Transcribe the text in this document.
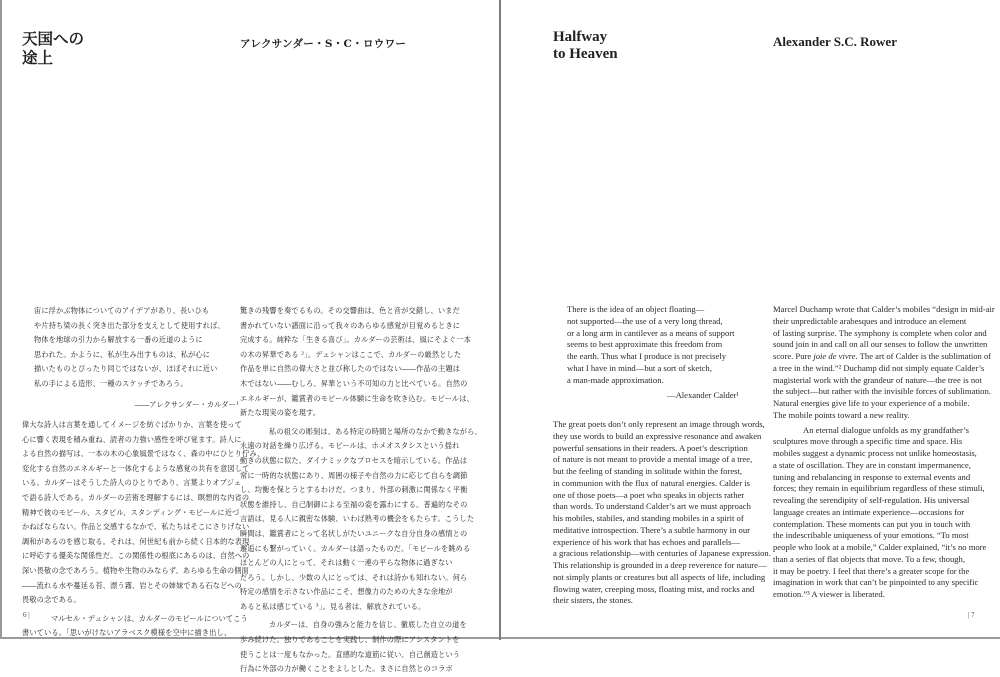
天国への
途上
アレクサンダー・S・C・ロウワー
宙に浮かぶ物体についてのアイデアがあり、長いひも
や片持ち梁の長く突き出た部分を支えとして使用すれば、
物体を地球の引力から解放する一番の近道のように
思われた。かように、私が生み出すものは、私が心に
描いたものとぴったり同じではないが、ほぼそれに近い
私の手による造形、一種のスケッチであろう。
――アレクサンダー・カルダー¹
偉大な詩人は言葉を通してイメージを紡ぐばかりか、言葉を使って
心に響く表現を積み重ね、読者の力強い感性を呼び覚ます。詩人に
よる自然の描写は、一本の木の心象風景ではなく、森の中にひとり佇み、
変化する自然のエネルギーと一体化するような感覚の共有を意図して
いる。カルダーはそうした詩人のひとりであり、言葉よりオブジェ
で語る詩人である。カルダーの芸術を理解するには、瞑想的な内省の
精神で彼のモビール、スタビル、スタンディング・モビールに近づ
かねばならない。作品と交感するなかで、私たちはそこにさりげない
調和があるのを感じ取る。それは、何世紀も前から続く日本的な表現
に呼応する優美な関係性だ。この関係性の根底にあるのは、自然への
深い畏敬の念であろう。植物や生物のみならず、あらゆる生命の側面
――流れる水や蔓延る苔、漂う霧、岩とその姉妹である石などへの
畏敬の念である。
マルセル・デュシャンは、カルダーのモビールについてこう
書いている。「思いがけないアラベスク模様を空中に描き出し、
驚きの残響を奏でるもの。その交響曲は、色と音が交錯し、いまだ
書かれていない譜面に沿って我々のあらゆる感覚が目覚めるときに
完成する。純粋な「生きる喜び」。カルダーの芸術は、風にそよぐ一本
の木の昇華である ²」。デュシャンはここで、カルダーの厳然とした
作品を単に自然の偉大さと並び称したのではない――作品の主題は
木ではない――むしろ、昇華という不可知の力と比べている。自然の
エネルギーが、鑑賞者のモビール体験に生命を吹き込む。モビールは、
新たな現実の姿を現す。
私の祖父の彫刻は、ある特定の時間と場所のなかで動きながら、
永遠の対話を繰り広げる。モビールは、ホメオスタシスという揺れ
動きの状態に似た、ダイナミックなプロセスを暗示している。作品は
常に一時的な状態にあり、周囲の様子や自然の力に応じて自らを調節
し、均衡を保とうとするわけだ。つまり、外部の刺激に関係なく平衡
状態を維持し、自己制御による至福の姿を露わにする。普遍的なその
言語は、見る人に親密な体験、いわば熟考の機会をもたらす。こうした
瞬間は、鑑賞者にとって名状しがたいユニークな自分自身の感情との
邂逅にも繋がっていく。カルダーは語ったものだ。「モビールを眺める
ほとんどの人にとって、それは動く一連の平らな物体に過ぎない
だろう。しかし、少数の人にとっては、それは詩かも知れない。何ら
特定の感情を示さない作品にこそ、想像力のための大きな余地が
あると私は感じている ³」。見る者は、解放されている。
カルダーは、自身の強みと能力を信じ、徹底した自立の道を
歩み続けた。独りであることを実践し、制作の際にアシスタントを
使うことは一度もなかった。直感的な道筋に従い、自己創造という
行為に外部の力が働くことをよしとした。まさに自然とのコラボ
6 |
Halfway
to Heaven
Alexander S.C. Rower
There is the idea of an object floating—
not supported—the use of a very long thread,
or a long arm in cantilever as a means of support
seems to best approximate this freedom from
the earth. Thus what I produce is not precisely
what I have in mind—but a sort of sketch,
a man-made approximation.
—Alexander Calder¹
The great poets don’t only represent an image through words,
they use words to build an expressive resonance and awaken
powerful sensations in their readers. A poet’s description
of nature is not meant to provide a mental image of a tree,
but the feeling of standing in solitude within the forest,
in communion with the flux of natural energies. Calder is
one of those poets—a poet who speaks in objects rather
than words. To understand Calder’s art we must approach
his mobiles, stabiles, and standing mobiles in a spirit of
meditative introspection. There’s a subtle harmony in our
experience of his work that has echoes and parallels—
a gracious relationship—with centuries of Japanese expression.
This relationship is grounded in a deep reverence for nature—
not simply plants or creatures but all aspects of life, including
flowing water, creeping moss, floating mist, and rocks and
their sisters, the stones.
Marcel Duchamp wrote that Calder’s mobiles “design in mid-air
their unpredictable arabesques and introduce an element
of lasting surprise. The symphony is complete when color and
sound join in and call on all our senses to follow the unwritten
score. Pure joie de vivre. The art of Calder is the sublimation of
a tree in the wind.”² Duchamp did not simply equate Calder’s
magisterial work with the grandeur of nature—the tree is not
the subject—but rather with the invisible forces of sublimation.
Natural energies give life to your experience of a mobile.
The mobile points toward a new reality.
An eternal dialogue unfolds as my grandfather’s
sculptures move through a specific time and space. His
mobiles suggest a dynamic process not unlike homeostasis,
a state of oscillation. They are in constant impermanence,
tuning and rebalancing in response to external events and
forces; they remain in equilibrium regardless of these stimuli,
revealing the serendipity of self-regulation. His universal
language creates an intimate experience—occasions for
contemplation. These moments can put you in touch with
the indescribable uniqueness of your emotions. “To most
people who look at a mobile,” Calder explained, “it’s no more
than a series of flat objects that move. To a few, though,
it may be poetry. I feel that there’s a greater scope for the
imagination in work that can’t be pinpointed to any specific
emotion.”³ A viewer is liberated.
| 7
